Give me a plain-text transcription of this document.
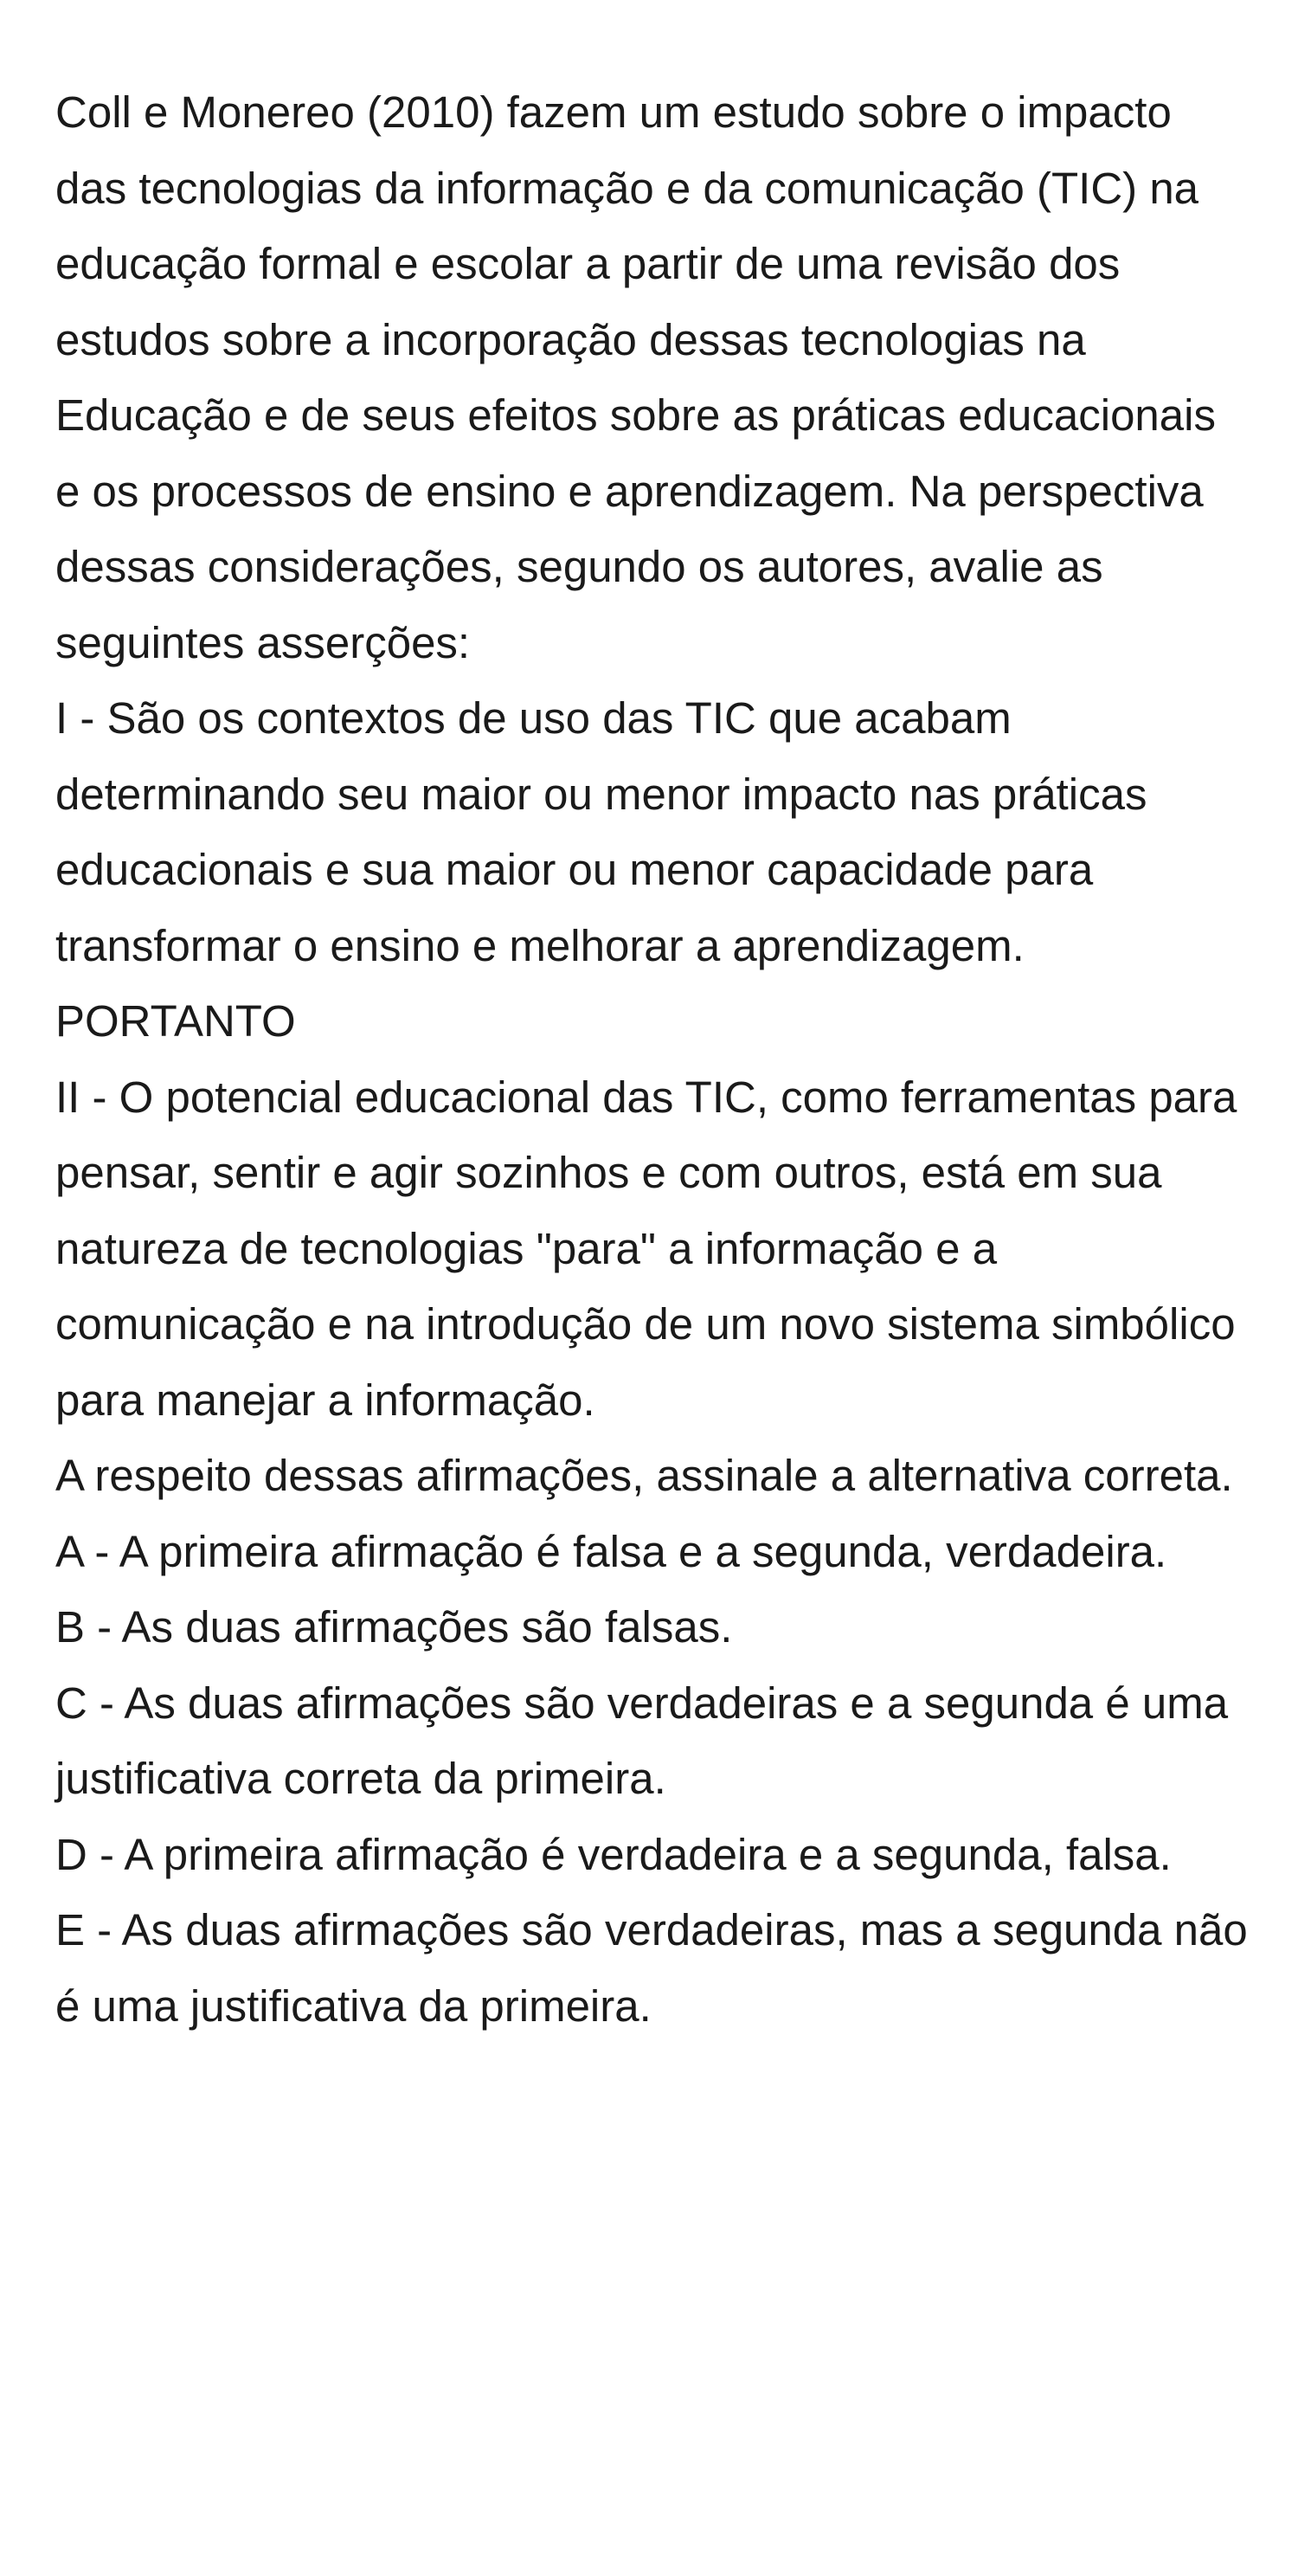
Coll e Monereo (2010) fazem um estudo sobre o impacto das tecnologias da informação e da comunicação (TIC) na educação formal e escolar a partir de uma revisão dos estudos sobre a incorporação dessas tecnologias na Educação e de seus efeitos sobre as práticas educacionais e os processos de ensino e aprendizagem. Na perspectiva dessas considerações, segundo os autores, avalie as seguintes asserções:

I - São os contextos de uso das TIC que acabam determinando seu maior ou menor impacto nas práticas educacionais e sua maior ou menor capacidade para transformar o ensino e melhorar a aprendizagem.

PORTANTO

II - O potencial educacional das TIC, como ferramentas para pensar, sentir e agir sozinhos e com outros, está em sua natureza de tecnologias "para" a informação e a comunicação e na introdução de um novo sistema simbólico para manejar a informação.

A respeito dessas afirmações, assinale a alternativa correta.

A - A primeira afirmação é falsa e a segunda, verdadeira.

B - As duas afirmações são falsas.

C - As duas afirmações são verdadeiras e a segunda é uma justificativa correta da primeira.

D - A primeira afirmação é verdadeira e a segunda, falsa.

E - As duas afirmações são verdadeiras, mas a segunda não é uma justificativa da primeira.
